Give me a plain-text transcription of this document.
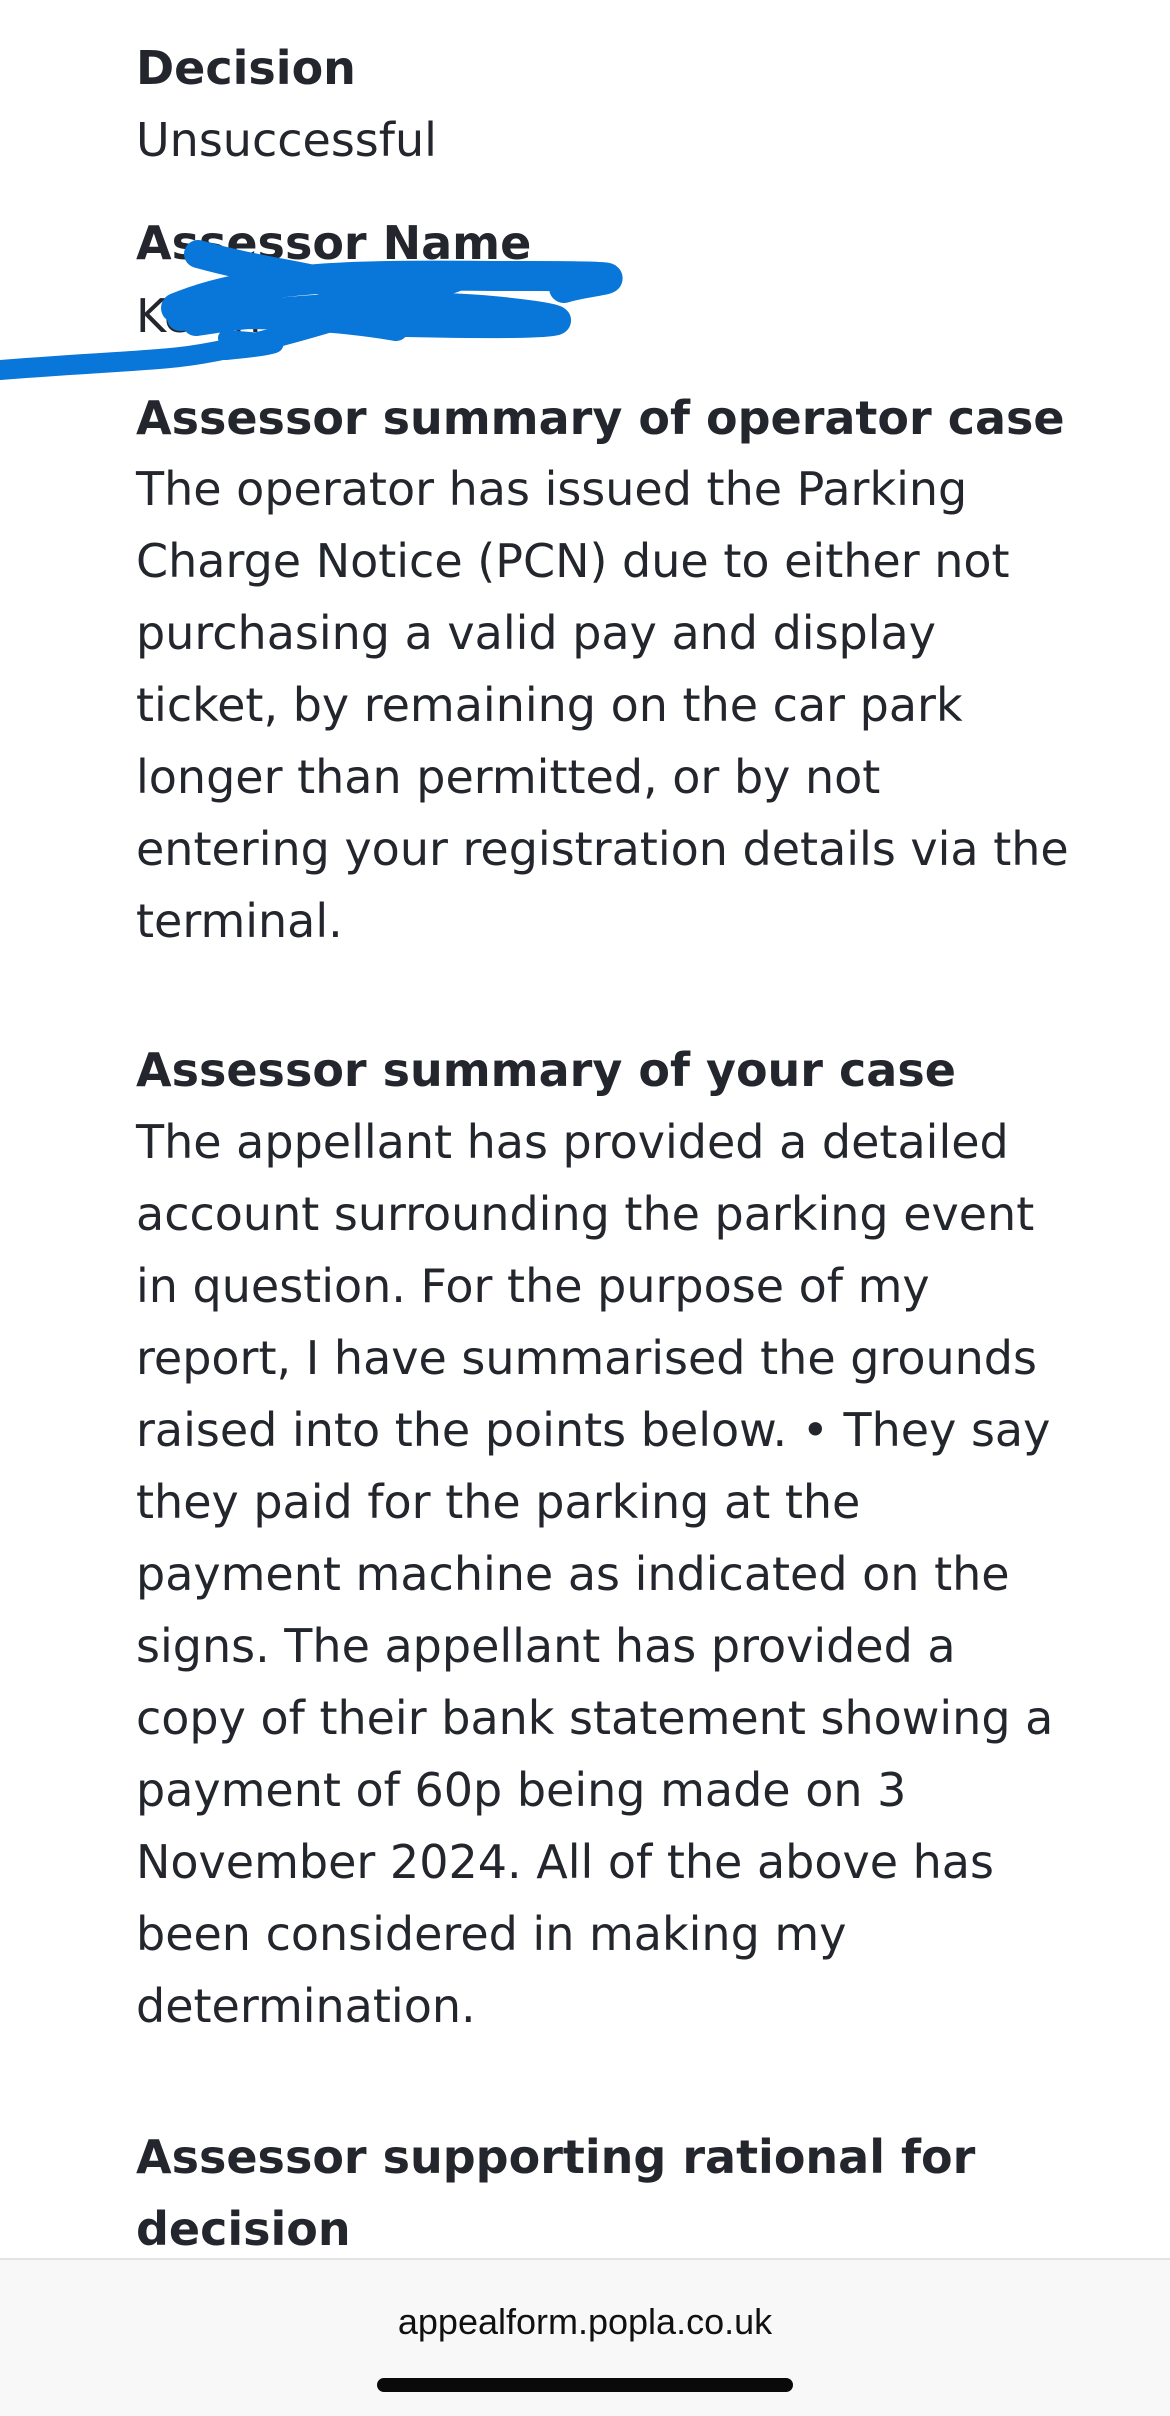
Decision
Unsuccessful
Assessor Name
Kevin Ross
Assessor summary of operator case
The operator has issued the Parking
Charge Notice (PCN) due to either not
purchasing a valid pay and display
ticket, by remaining on the car park
longer than permitted, or by not
entering your registration details via the
terminal.
Assessor summary of your case
The appellant has provided a detailed
account surrounding the parking event
in question. For the purpose of my
report, I have summarised the grounds
raised into the points below. • They say
they paid for the parking at the
payment machine as indicated on the
signs. The appellant has provided a
copy of their bank statement showing a
payment of 60p being made on 3
November 2024. All of the above has
been considered in making my
determination.
Assessor supporting rational for
decision
appealform.popla.co.uk
